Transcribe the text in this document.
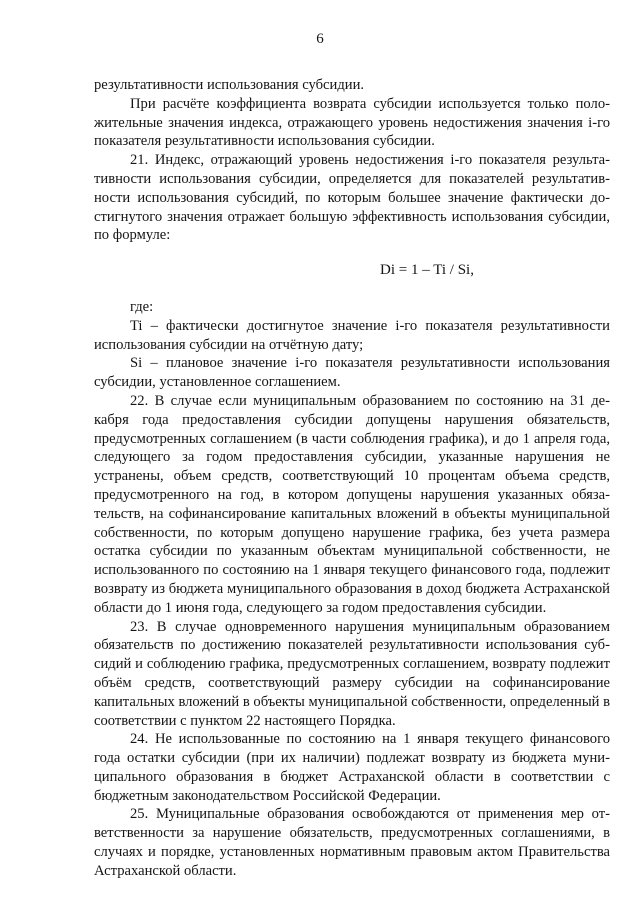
6

результативности использования субсидии.

При расчёте коэффициента возврата субсидии используется только положительные значения индекса, отражающего уровень недостижения значения i-го показателя результативности использования субсидии.

21. Индекс, отражающий уровень недостижения i-го показателя результативности использования субсидии, определяется для показателей результативности использования субсидий, по которым большее значение фактически достигнутого значения отражает большую эффективность использования субсидии, по формуле:

Di = 1 – Ti / Si,

где:

Ti – фактически достигнутое значение i-го показателя результативности использования субсидии на отчётную дату;

Si – плановое значение i-го показателя результативности использования субсидии, установленное соглашением.

22. В случае если муниципальным образованием по состоянию на 31 декабря года предоставления субсидии допущены нарушения обязательств, предусмотренных соглашением (в части соблюдения графика), и до 1 апреля года, следующего за годом предоставления субсидии, указанные нарушения не устранены, объем средств, соответствующий 10 процентам объема средств, предусмотренного на год, в котором допущены нарушения указанных обязательств, на софинансирование капитальных вложений в объекты муниципальной собственности, по которым допущено нарушение графика, без учета размера остатка субсидии по указанным объектам муниципальной собственности, не использованного по состоянию на 1 января текущего финансового года, подлежит возврату из бюджета муниципального образования в доход бюджета Астраханской области до 1 июня года, следующего за годом предоставления субсидии.

23. В случае одновременного нарушения муниципальным образованием обязательств по достижению показателей результативности использования субсидий и соблюдению графика, предусмотренных соглашением, возврату подлежит объём средств, соответствующий размеру субсидии на софинансирование капитальных вложений в объекты муниципальной собственности, определенный в соответствии с пунктом 22 настоящего Порядка.

24. Не использованные по состоянию на 1 января текущего финансового года остатки субсидии (при их наличии) подлежат возврату из бюджета муниципального образования в бюджет Астраханской области в соответствии с бюджетным законодательством Российской Федерации.

25. Муниципальные образования освобождаются от применения мер ответственности за нарушение обязательств, предусмотренных соглашениями, в случаях и порядке, установленных нормативным правовым актом Правительства Астраханской области.
